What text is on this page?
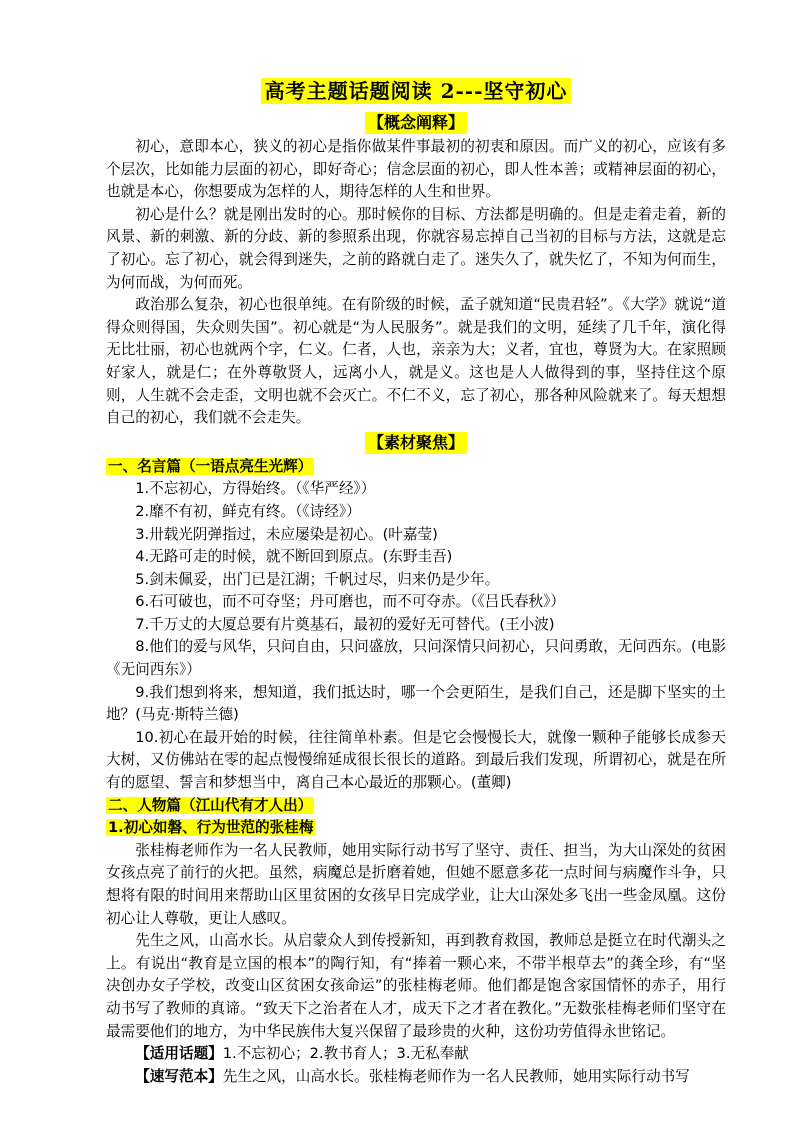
高考主题话题阅读 2---坚守初心
【概念阐释】

初心，意即本心，狭义的初心是指你做某件事最初的初衷和原因。而广义的初心，应该有多个层次，比如能力层面的初心，即好奇心；信念层面的初心，即人性本善；或精神层面的初心，也就是本心，你想要成为怎样的人，期待怎样的人生和世界。

初心是什么？就是刚出发时的心。那时候你的目标、方法都是明确的。但是走着走着，新的风景、新的刺激、新的分歧、新的参照系出现，你就容易忘掉自己当初的目标与方法，这就是忘了初心。忘了初心，就会得到迷失，之前的路就白走了。迷失久了，就失忆了，不知为何而生，为何而战，为何而死。

政治那么复杂，初心也很单纯。在有阶级的时候，孟子就知道“民贵君轻”。《大学》就说“道得众则得国，失众则失国”。初心就是“为人民服务”。就是我们的文明，延续了几千年，演化得无比壮丽，初心也就两个字，仁义。仁者，人也，亲亲为大；义者，宜也，尊贤为大。在家照顾好家人，就是仁；在外尊敬贤人，远离小人，就是义。这也是人人做得到的事，坚持住这个原则，人生就不会走歪，文明也就不会灭亡。不仁不义，忘了初心，那各种风险就来了。每天想想自己的初心，我们就不会走失。

【素材聚焦】
一、名言篇（一语点亮生光辉）

1.不忘初心，方得始终。（《华严经》）

2.靡不有初，鲜克有终。（《诗经》）

3.卅载光阴弹指过，未应屡染是初心。(叶嘉莹)

4.无路可走的时候，就不断回到原点。(东野圭吾)

5.剑未佩妥，出门已是江湖；千帆过尽，归来仍是少年。

6.石可破也，而不可夺坚；丹可磨也，而不可夺赤。（《吕氏春秋》）

7.千万丈的大厦总要有片奠基石，最初的爱好无可替代。(王小波)

8.他们的爱与风华，只问自由，只问盛放，只问深情只问初心，只问勇敢，无问西东。(电影《无问西东》）

9.我们想到将来，想知道，我们抵达时，哪一个会更陌生，是我们自己，还是脚下坚实的土地？(马克·斯特兰德)

10.初心在最开始的时候，往往简单朴素。但是它会慢慢长大，就像一颗种子能够长成参天大树，又仿佛站在零的起点慢慢绵延成很长很长的道路。到最后我们发现，所谓初心，就是在所有的愿望、誓言和梦想当中，离自己本心最近的那颗心。(董卿)

二、人物篇（江山代有才人出）
1.初心如磐、行为世范的张桂梅

张桂梅老师作为一名人民教师，她用实际行动书写了坚守、责任、担当，为大山深处的贫困女孩点亮了前行的火把。虽然，病魔总是折磨着她，但她不愿意多花一点时间与病魔作斗争，只想将有限的时间用来帮助山区里贫困的女孩早日完成学业，让大山深处多飞出一些金凤凰。这份初心让人尊敬，更让人感叹。

先生之风，山高水长。从启蒙众人到传授新知，再到教育救国，教师总是挺立在时代潮头之上。有说出“教育是立国的根本”的陶行知，有“捧着一颗心来，不带半根草去”的龚全珍，有“坚决创办女子学校，改变山区贫困女孩命运”的张桂梅老师。他们都是饱含家国情怀的赤子，用行动书写了教师的真谛。“致天下之治者在人才，成天下之才者在教化。”无数张桂梅老师们坚守在最需要他们的地方，为中华民族伟大复兴保留了最珍贵的火种，这份功劳值得永世铭记。

【适用话题】1.不忘初心；2.教书育人；3.无私奉献

【速写范本】先生之风，山高水长。张桂梅老师作为一名人民教师，她用实际行动书写
